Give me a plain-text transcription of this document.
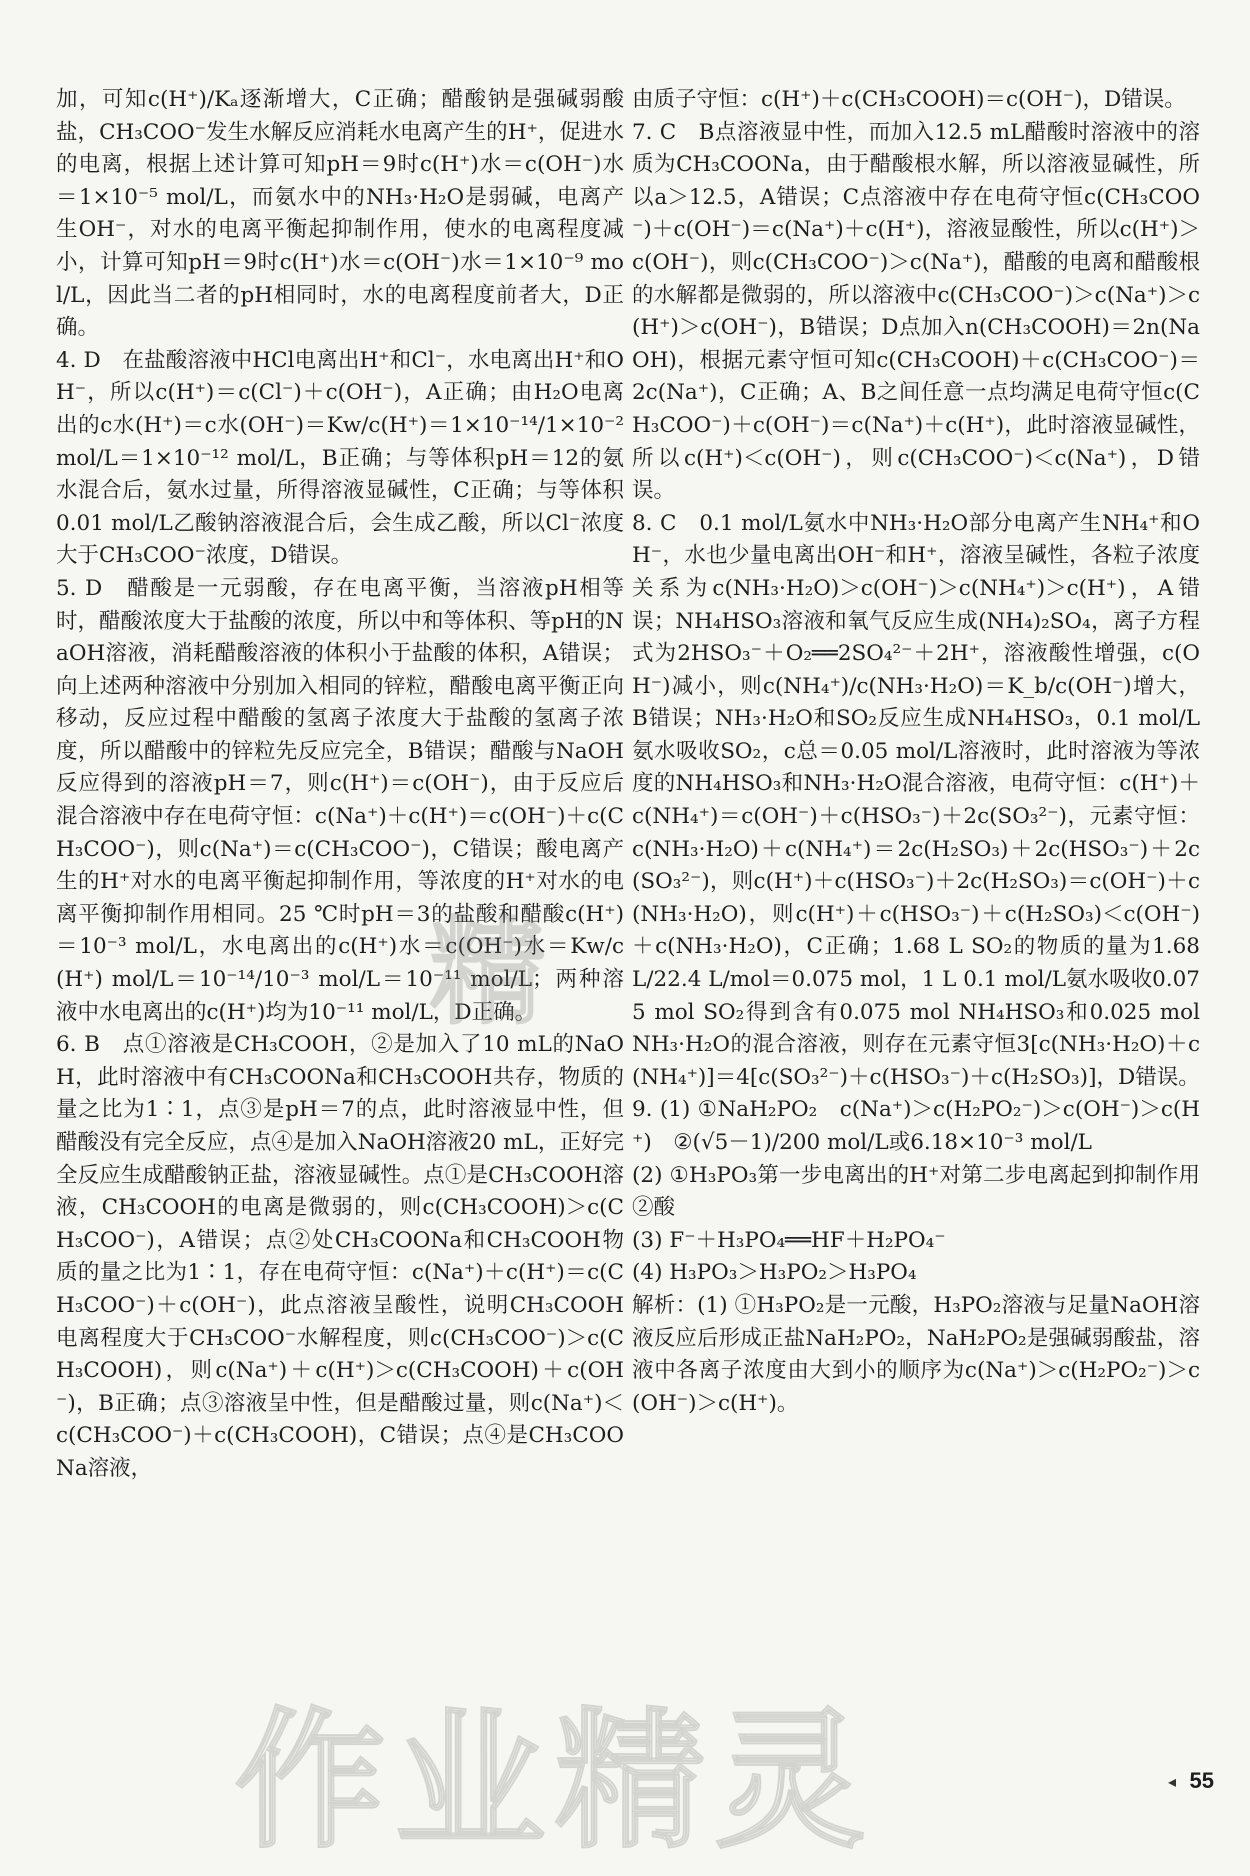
加，可知c(H⁺)/Kₐ逐渐增大，C正确；醋酸钠是强碱弱酸盐，CH₃COO⁻发生水解反应消耗水电离产生的H⁺，促进水的电离，根据上述计算可知pH＝9时c(H⁺)水＝c(OH⁻)水＝1×10⁻⁵ mol/L，而氨水中的NH₃·H₂O是弱碱，电离产生OH⁻，对水的电离平衡起抑制作用，使水的电离程度减小，计算可知pH＝9时c(H⁺)水＝c(OH⁻)水＝1×10⁻⁹ mol/L，因此当二者的pH相同时，水的电离程度前者大，D正确。

4. D　在盐酸溶液中HCl电离出H⁺和Cl⁻，水电离出H⁺和OH⁻，所以c(H⁺)＝c(Cl⁻)＋c(OH⁻)，A正确；由H₂O电离出的c水(H⁺)＝c水(OH⁻)＝Kw/c(H⁺)＝1×10⁻¹⁴/1×10⁻² mol/L＝1×10⁻¹² mol/L，B正确；与等体积pH＝12的氨水混合后，氨水过量，所得溶液显碱性，C正确；与等体积0.01 mol/L乙酸钠溶液混合后，会生成乙酸，所以Cl⁻浓度大于CH₃COO⁻浓度，D错误。

5. D　醋酸是一元弱酸，存在电离平衡，当溶液pH相等时，醋酸浓度大于盐酸的浓度，所以中和等体积、等pH的NaOH溶液，消耗醋酸溶液的体积小于盐酸的体积，A错误；向上述两种溶液中分别加入相同的锌粒，醋酸电离平衡正向移动，反应过程中醋酸的氢离子浓度大于盐酸的氢离子浓度，所以醋酸中的锌粒先反应完全，B错误；醋酸与NaOH反应得到的溶液pH＝7，则c(H⁺)＝c(OH⁻)，由于反应后混合溶液中存在电荷守恒：c(Na⁺)＋c(H⁺)＝c(OH⁻)＋c(CH₃COO⁻)，则c(Na⁺)＝c(CH₃COO⁻)，C错误；酸电离产生的H⁺对水的电离平衡起抑制作用，等浓度的H⁺对水的电离平衡抑制作用相同。25 ℃时pH＝3的盐酸和醋酸c(H⁺)＝10⁻³ mol/L，水电离出的c(H⁺)水＝c(OH⁻)水＝Kw/c(H⁺) mol/L＝10⁻¹⁴/10⁻³ mol/L＝10⁻¹¹ mol/L；两种溶液中水电离出的c(H⁺)均为10⁻¹¹ mol/L，D正确。

6. B　点①溶液是CH₃COOH，②是加入了10 mL的NaOH，此时溶液中有CH₃COONa和CH₃COOH共存，物质的量之比为1∶1，点③是pH＝7的点，此时溶液显中性，但醋酸没有完全反应，点④是加入NaOH溶液20 mL，正好完全反应生成醋酸钠正盐，溶液显碱性。点①是CH₃COOH溶液，CH₃COOH的电离是微弱的，则c(CH₃COOH)＞c(CH₃COO⁻)，A错误；点②处CH₃COONa和CH₃COOH物质的量之比为1∶1，存在电荷守恒：c(Na⁺)＋c(H⁺)＝c(CH₃COO⁻)＋c(OH⁻)，此点溶液呈酸性，说明CH₃COOH电离程度大于CH₃COO⁻水解程度，则c(CH₃COO⁻)＞c(CH₃COOH)，则c(Na⁺)＋c(H⁺)＞c(CH₃COOH)＋c(OH⁻)，B正确；点③溶液呈中性，但是醋酸过量，则c(Na⁺)＜c(CH₃COO⁻)＋c(CH₃COOH)，C错误；点④是CH₃COONa溶液，

由质子守恒：c(H⁺)＋c(CH₃COOH)＝c(OH⁻)，D错误。

7. C　B点溶液显中性，而加入12.5 mL醋酸时溶液中的溶质为CH₃COONa，由于醋酸根水解，所以溶液显碱性，所以a＞12.5，A错误；C点溶液中存在电荷守恒c(CH₃COO⁻)＋c(OH⁻)＝c(Na⁺)＋c(H⁺)，溶液显酸性，所以c(H⁺)＞c(OH⁻)，则c(CH₃COO⁻)＞c(Na⁺)，醋酸的电离和醋酸根的水解都是微弱的，所以溶液中c(CH₃COO⁻)＞c(Na⁺)＞c(H⁺)＞c(OH⁻)，B错误；D点加入n(CH₃COOH)＝2n(NaOH)，根据元素守恒可知c(CH₃COOH)＋c(CH₃COO⁻)＝2c(Na⁺)，C正确；A、B之间任意一点均满足电荷守恒c(CH₃COO⁻)＋c(OH⁻)＝c(Na⁺)＋c(H⁺)，此时溶液显碱性，所以c(H⁺)＜c(OH⁻)，则c(CH₃COO⁻)＜c(Na⁺)，D错误。

8. C　0.1 mol/L氨水中NH₃·H₂O部分电离产生NH₄⁺和OH⁻，水也少量电离出OH⁻和H⁺，溶液呈碱性，各粒子浓度关系为c(NH₃·H₂O)＞c(OH⁻)＞c(NH₄⁺)＞c(H⁺)，A错误；NH₄HSO₃溶液和氧气反应生成(NH₄)₂SO₄，离子方程式为2HSO₃⁻＋O₂══2SO₄²⁻＋2H⁺，溶液酸性增强，c(OH⁻)减小，则c(NH₄⁺)/c(NH₃·H₂O)＝K_b/c(OH⁻)增大，B错误；NH₃·H₂O和SO₂反应生成NH₄HSO₃，0.1 mol/L氨水吸收SO₂，c总＝0.05 mol/L溶液时，此时溶液为等浓度的NH₄HSO₃和NH₃·H₂O混合溶液，电荷守恒：c(H⁺)＋c(NH₄⁺)＝c(OH⁻)＋c(HSO₃⁻)＋2c(SO₃²⁻)，元素守恒：c(NH₃·H₂O)＋c(NH₄⁺)＝2c(H₂SO₃)＋2c(HSO₃⁻)＋2c(SO₃²⁻)，则c(H⁺)＋c(HSO₃⁻)＋2c(H₂SO₃)＝c(OH⁻)＋c(NH₃·H₂O)，则c(H⁺)＋c(HSO₃⁻)＋c(H₂SO₃)＜c(OH⁻)＋c(NH₃·H₂O)，C正确；1.68 L SO₂的物质的量为1.68 L/22.4 L/mol＝0.075 mol，1 L 0.1 mol/L氨水吸收0.075 mol SO₂得到含有0.075 mol NH₄HSO₃和0.025 mol NH₃·H₂O的混合溶液，则存在元素守恒3[c(NH₃·H₂O)＋c(NH₄⁺)]＝4[c(SO₃²⁻)＋c(HSO₃⁻)＋c(H₂SO₃)]，D错误。

9. (1) ①NaH₂PO₂　c(Na⁺)＞c(H₂PO₂⁻)＞c(OH⁻)＞c(H⁺)　②(√5－1)/200 mol/L或6.18×10⁻³ mol/L

(2) ①H₃PO₃第一步电离出的H⁺对第二步电离起到抑制作用　②酸

(3) F⁻＋H₃PO₄══HF＋H₂PO₄⁻

(4) H₃PO₃＞H₃PO₂＞H₃PO₄

解析：(1) ①H₃PO₂是一元酸，H₃PO₂溶液与足量NaOH溶液反应后形成正盐NaH₂PO₂，NaH₂PO₂是强碱弱酸盐，溶液中各离子浓度由大到小的顺序为c(Na⁺)＞c(H₂PO₂⁻)＞c(OH⁻)＞c(H⁺)。

精
作业精灵	◂ 55
